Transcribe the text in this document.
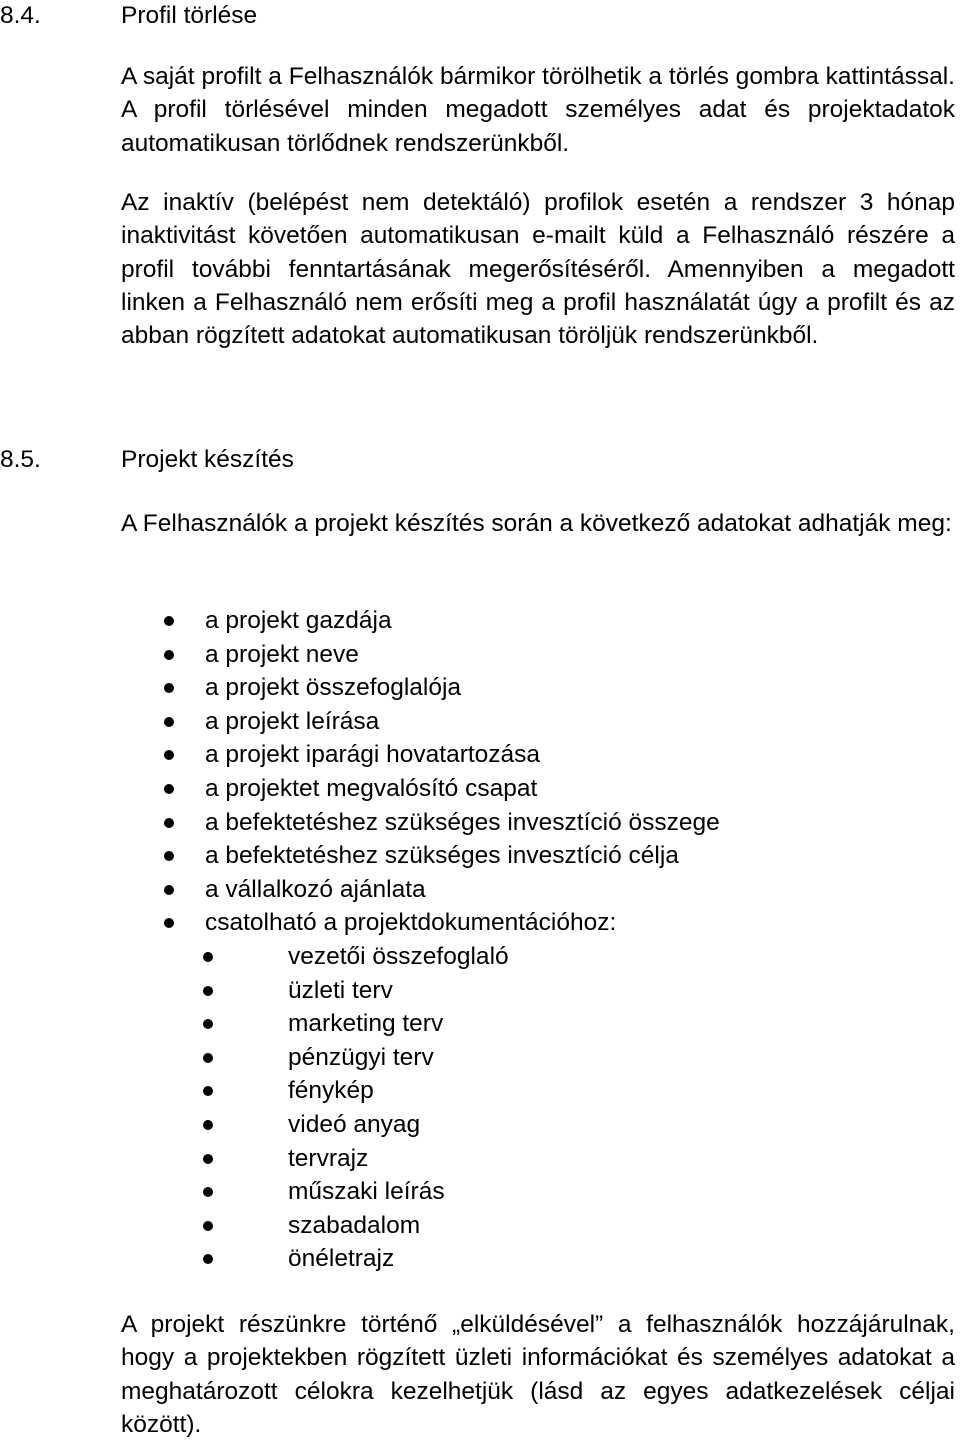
8.4.	Profil törlése

A saját profilt a Felhasználók bármikor törölhetik a törlés gombra kattintással. A profil törlésével minden megadott személyes adat és projektadatok automatikusan törlődnek rendszerünkből.

Az inaktív (belépést nem detektáló) profilok esetén a rendszer 3 hónap inaktivitást követően automatikusan e-mailt küld a Felhasználó részére a profil további fenntartásának megerősítéséről. Amennyiben a megadott linken a Felhasználó nem erősíti meg a profil használatát úgy a profilt és az abban rögzített adatokat automatikusan töröljük rendszerünkből.

8.5.	Projekt készítés

A Felhasználók a projekt készítés során a következő adatokat adhatják meg:

a projekt gazdája
a projekt neve
a projekt összefoglalója
a projekt leírása
a projekt iparági hovatartozása
a projektet megvalósító csapat
a befektetéshez szükséges invesztíció összege
a befektetéshez szükséges invesztíció célja
a vállalkozó ajánlata
csatolható a projektdokumentációhoz:
vezetői összefoglaló
üzleti terv
marketing terv
pénzügyi terv
fénykép
videó anyag
tervrajz
műszaki leírás
szabadalom
önéletrajz

A projekt részünkre történő „elküldésével” a felhasználók hozzájárulnak, hogy a projektekben rögzített üzleti információkat és személyes adatokat a meghatározott célokra kezelhetjük (lásd az egyes adatkezelések céljai között).
